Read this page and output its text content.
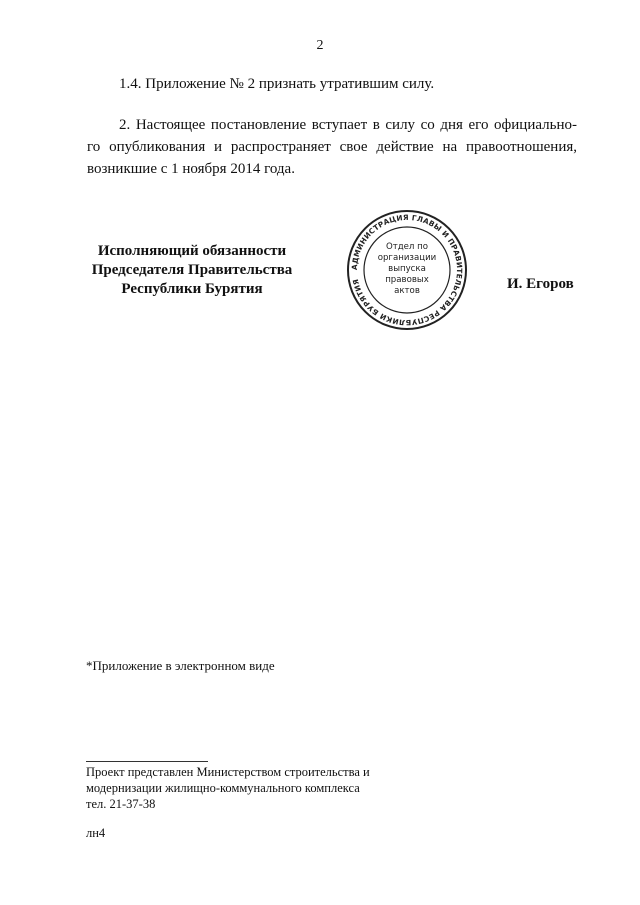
2
1.4. Приложение № 2 признать утратившим силу.
2. Настоящее постановление вступает в силу со дня его официально- го опубликования и распространяет свое действие на правоотношения, возникшие с 1 ноября 2014 года.
Исполняющий обязанности
Председателя Правительства
Республики Бурятия
АДМИНИСТРАЦИЯ ГЛАВЫ И ПРАВИТЕЛЬСТВА РЕСПУБЛИКИ БУРЯТИЯ
Отдел по
организации
выпуска
правовых
актов	И. Егоров
*Приложение в электронном виде
Проект представлен Министерством строительства и
модернизации жилищно-коммунального комплекса
тел. 21-37-38
лн4
